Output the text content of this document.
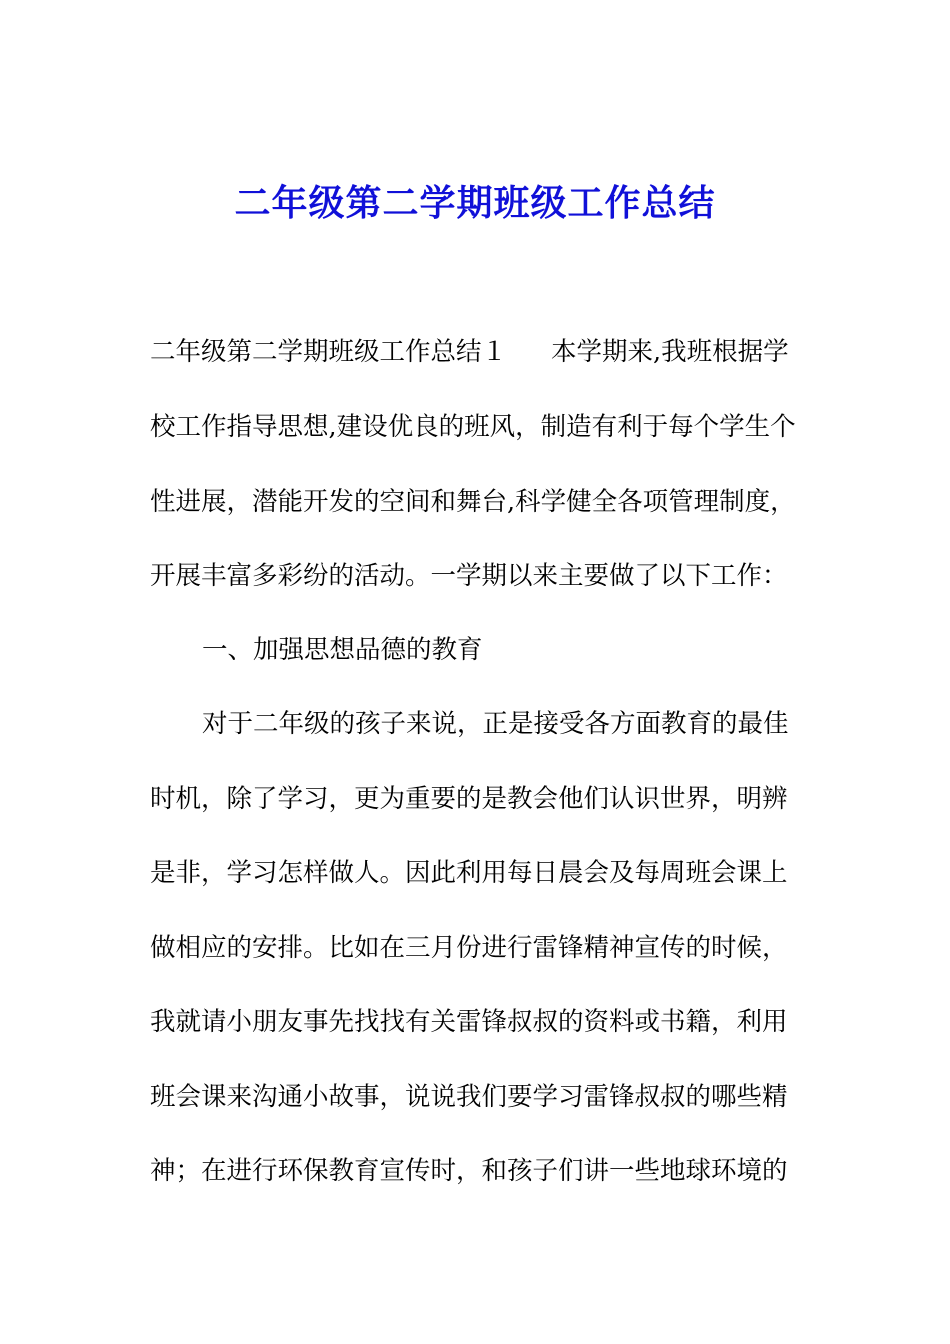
二年级第二学期班级工作总结

二年级第二学期班级工作总结１ 本学期来,我班根据学

校工作指导思想,建设优良的班风，制造有利于每个学生个

性进展，潜能开发的空间和舞台,科学健全各项管理制度，

开展丰富多彩纷的活动。一学期以来主要做了以下工作：

一、加强思想品德的教育

对于二年级的孩子来说，正是接受各方面教育的最佳

时机，除了学习，更为重要的是教会他们认识世界，明辨

是非，学习怎样做人。因此利用每日晨会及每周班会课上

做相应的安排。比如在三月份进行雷锋精神宣传的时候，

我就请小朋友事先找找有关雷锋叔叔的资料或书籍，利用

班会课来沟通小故事，说说我们要学习雷锋叔叔的哪些精

神；在进行环保教育宣传时，和孩子们讲一些地球环境的
